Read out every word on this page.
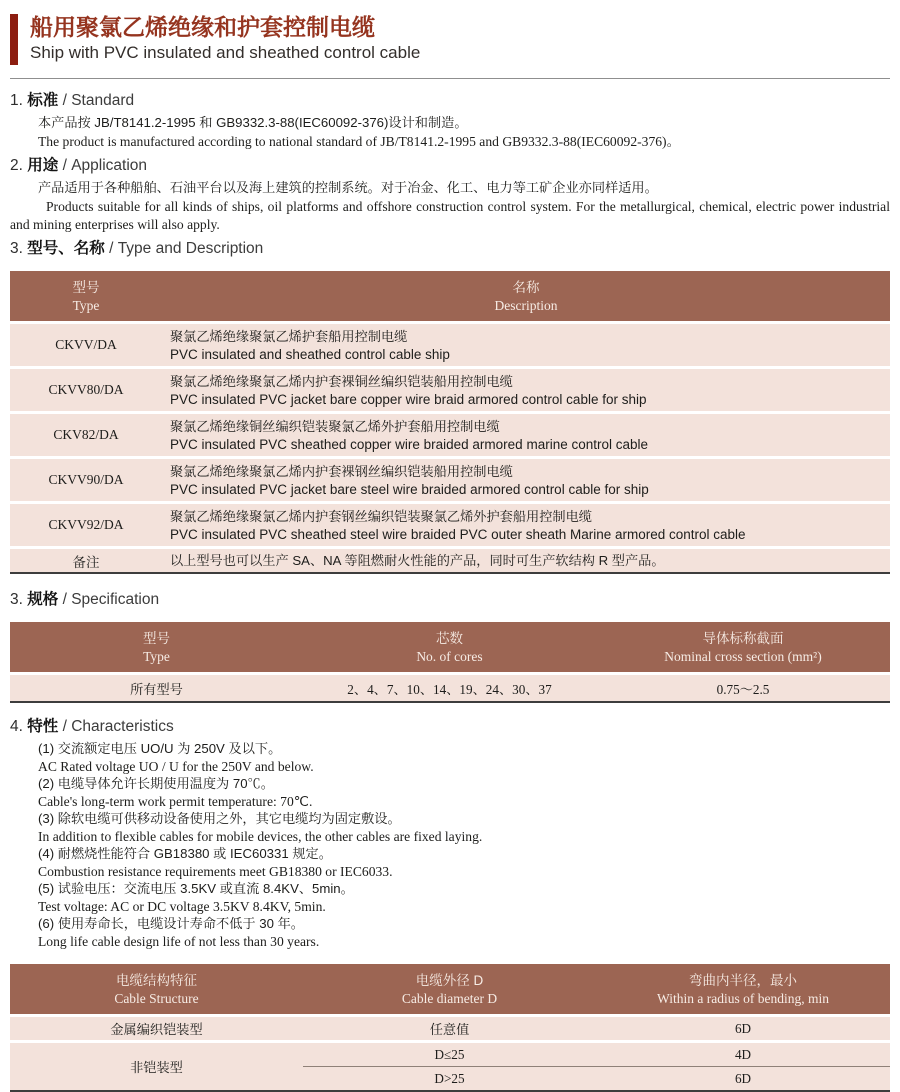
船用聚氯乙烯绝缘和护套控制电缆
Ship with PVC insulated and sheathed control cable
1. 标准 / Standard

本产品按 JB/T8141.2-1995 和 GB9332.3-88(IEC60092-376)设计和制造。

The product is manufactured according to national standard of JB/T8141.2-1995 and GB9332.3-88(IEC60092-376)。

2. 用途 / Application

产品适用于各种船舶、石油平台以及海上建筑的控制系统。对于冶金、化工、电力等工矿企业亦同样适用。

Products suitable for all kinds of ships, oil platforms and offshore construction control system. For the metallurgical, chemical, electric power industrial and mining enterprises will also apply.

3. 型号、名称 / Type and Description
型号
Type	名称
Description

CKVV/DA	聚氯乙烯绝缘聚氯乙烯护套船用控制电缆
PVC insulated and sheathed control cable ship

CKVV80/DA	聚氯乙烯绝缘聚氯乙烯内护套裸铜丝编织铠装船用控制电缆
PVC insulated PVC jacket bare copper wire braid armored control cable for ship

CKV82/DA	聚氯乙烯绝缘铜丝编织铠装聚氯乙烯外护套船用控制电缆
PVC insulated PVC sheathed copper wire braided armored marine control cable

CKVV90/DA	聚氯乙烯绝缘聚氯乙烯内护套裸钢丝编织铠装船用控制电缆
PVC insulated PVC jacket bare steel wire braided armored control cable for ship

CKVV92/DA	聚氯乙烯绝缘聚氯乙烯内护套钢丝编织铠装聚氯乙烯外护套船用控制电缆
PVC insulated PVC sheathed steel wire braided PVC outer sheath Marine armored control cable

备注	以上型号也可以生产 SA、NA 等阻燃耐火性能的产品，同时可生产软结构 R 型产品。
3. 规格 / Specification
型号
Type	芯数
No. of cores	导体标称截面
Nominal cross section (mm²)

所有型号	2、4、7、10、14、19、24、30、37	0.75～2.5
4. 特性 / Characteristics

(1) 交流额定电压 UO/U 为 250V 及以下。

AC Rated voltage UO / U for the 250V and below.

(2) 电缆导体允许长期使用温度为 70℃。

Cable's long-term work permit temperature: 70℃.

(3) 除软电缆可供移动设备使用之外，其它电缆均为固定敷设。

In addition to flexible cables for mobile devices, the other cables are fixed laying.

(4) 耐燃烧性能符合 GB18380 或 IEC60331 规定。

Combustion resistance requirements meet GB18380 or IEC6033.

(5) 试验电压：交流电压 3.5KV 或直流 8.4KV、5min。

Test voltage: AC or DC voltage 3.5KV 8.4KV, 5min.

(6) 使用寿命长，电缆设计寿命不低于 30 年。

Long life cable design life of not less than 30 years.

电缆结构特征
Cable Structure	电缆外径 D
Cable diameter D	弯曲内半径，最小
Within a radius of bending, min

金属编织铠装型	任意值	6D
非铠装型	D≤25	4D
	D>25	6D
